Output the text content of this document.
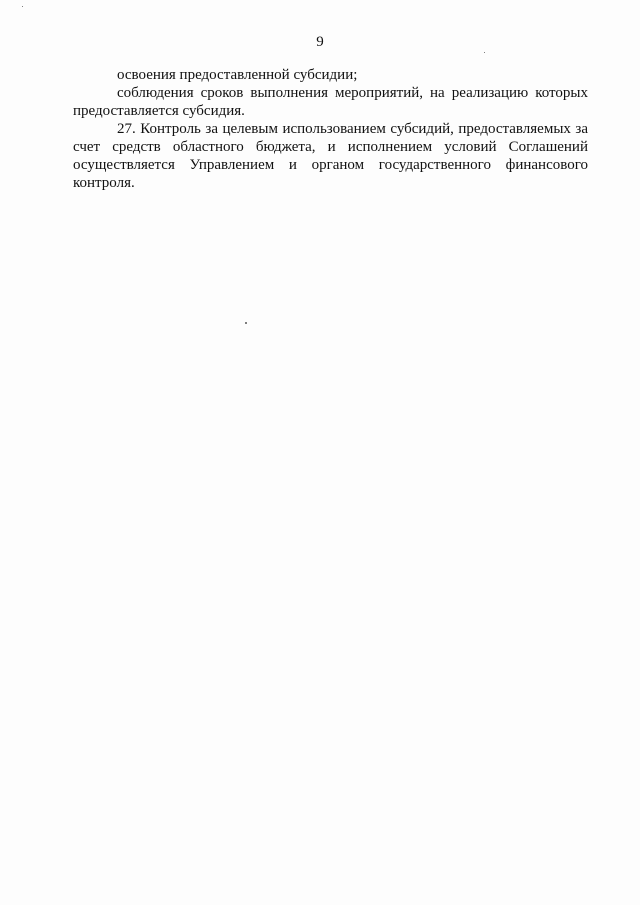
9

освоения предоставленной субсидии;

соблюдения сроков выполнения мероприятий, на реализацию которых предоставляется субсидия.

27. Контроль за целевым использованием субсидий, предоставляемых за счет средств областного бюджета, и исполнением условий Соглашений осуществляется Управлением и органом государственного финансового контроля.
